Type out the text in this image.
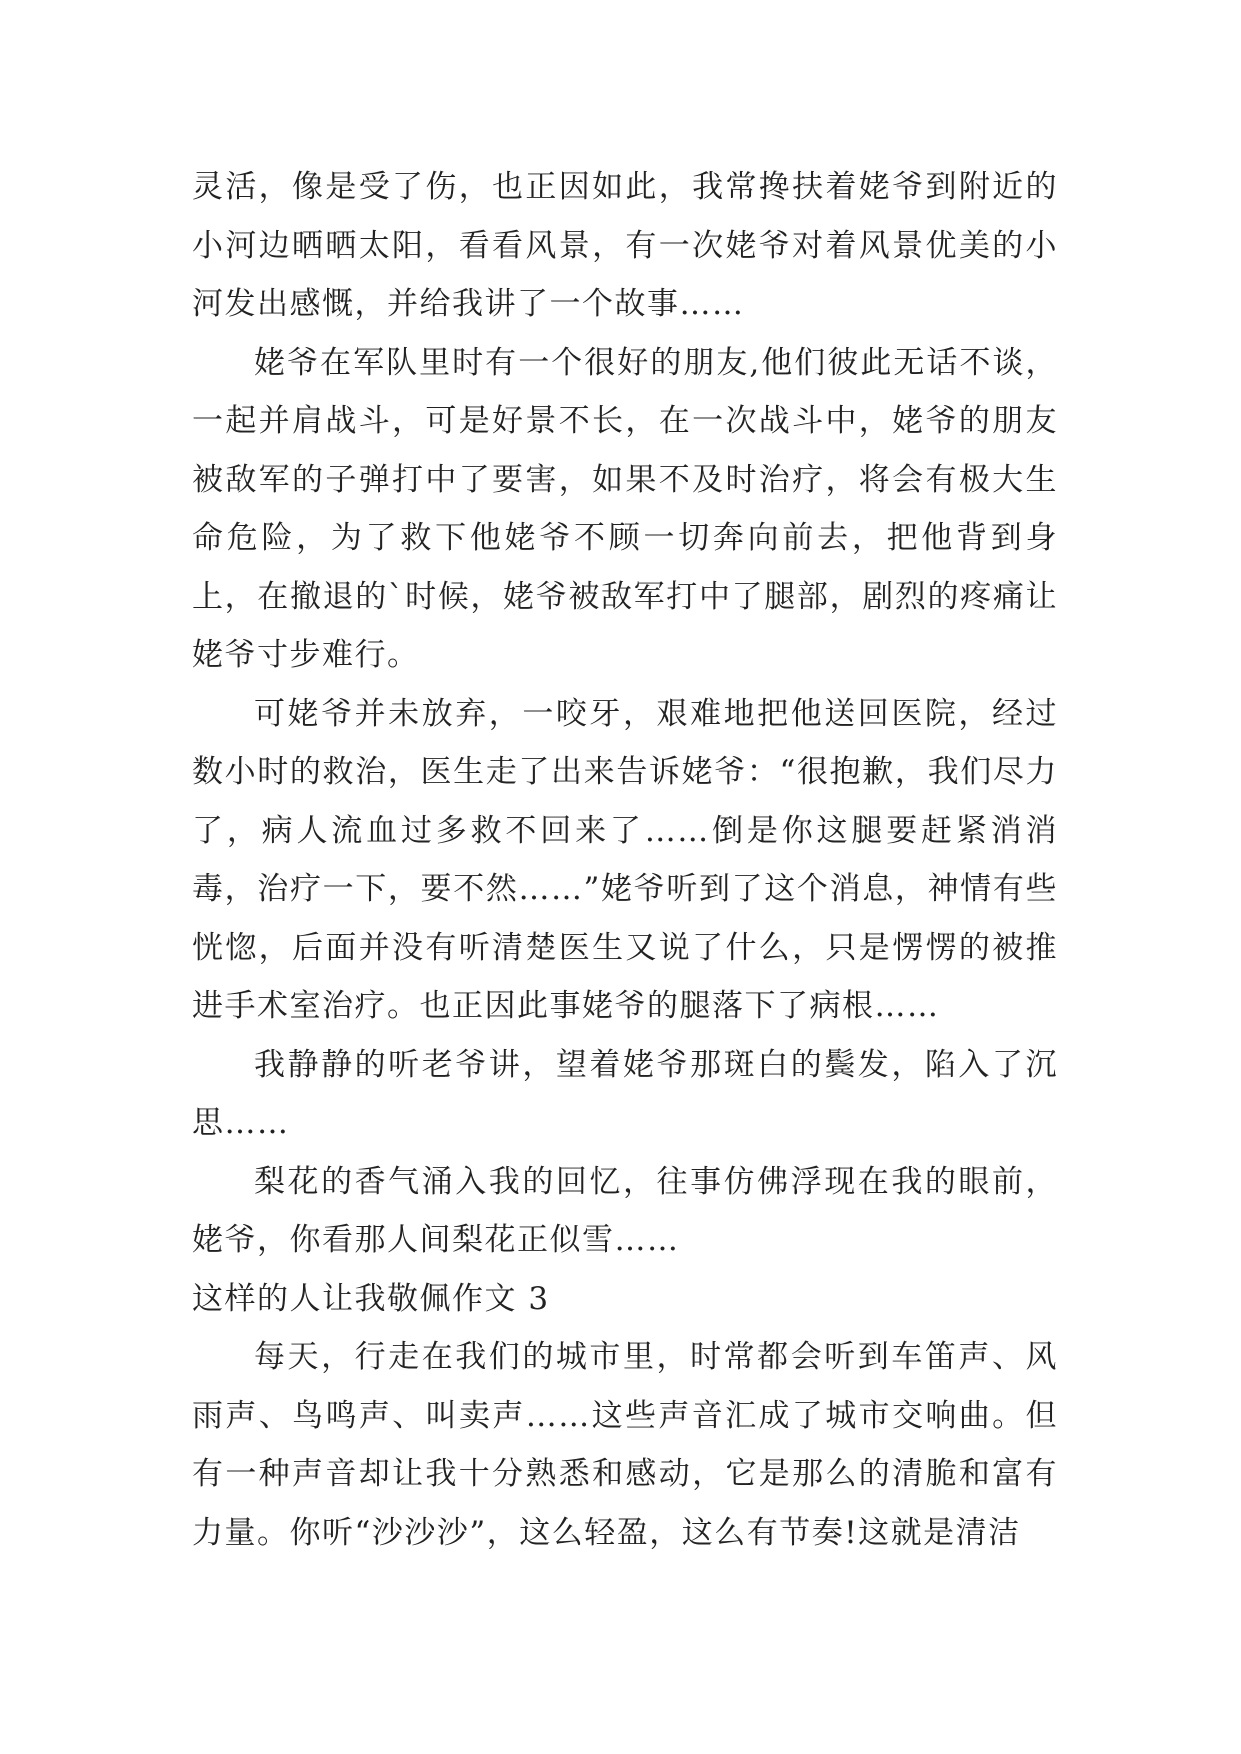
灵活，像是受了伤，也正因如此，我常搀扶着姥爷到附近的小河边晒晒太阳，看看风景，有一次姥爷对着风景优美的小河发出感慨，并给我讲了一个故事……

姥爷在军队里时有一个很好的朋友,他们彼此无话不谈，一起并肩战斗，可是好景不长，在一次战斗中，姥爷的朋友被敌军的子弹打中了要害，如果不及时治疗，将会有极大生命危险，为了救下他姥爷不顾一切奔向前去，把他背到身上，在撤退的`时候，姥爷被敌军打中了腿部，剧烈的疼痛让姥爷寸步难行。

可姥爷并未放弃，一咬牙，艰难地把他送回医院，经过数小时的救治，医生走了出来告诉姥爷：“很抱歉，我们尽力了，病人流血过多救不回来了……倒是你这腿要赶紧消消毒，治疗一下，要不然……”姥爷听到了这个消息，神情有些恍惚，后面并没有听清楚医生又说了什么，只是愣愣的被推进手术室治疗。也正因此事姥爷的腿落下了病根……

我静静的听老爷讲，望着姥爷那斑白的鬓发，陷入了沉思……

梨花的香气涌入我的回忆，往事仿佛浮现在我的眼前，姥爷，你看那人间梨花正似雪……

这样的人让我敬佩作文 3

每天，行走在我们的城市里，时常都会听到车笛声、风雨声、鸟鸣声、叫卖声……这些声音汇成了城市交响曲。但有一种声音却让我十分熟悉和感动，它是那么的清脆和富有力量。你听“沙沙沙”，这么轻盈，这么有节奏!这就是清洁
